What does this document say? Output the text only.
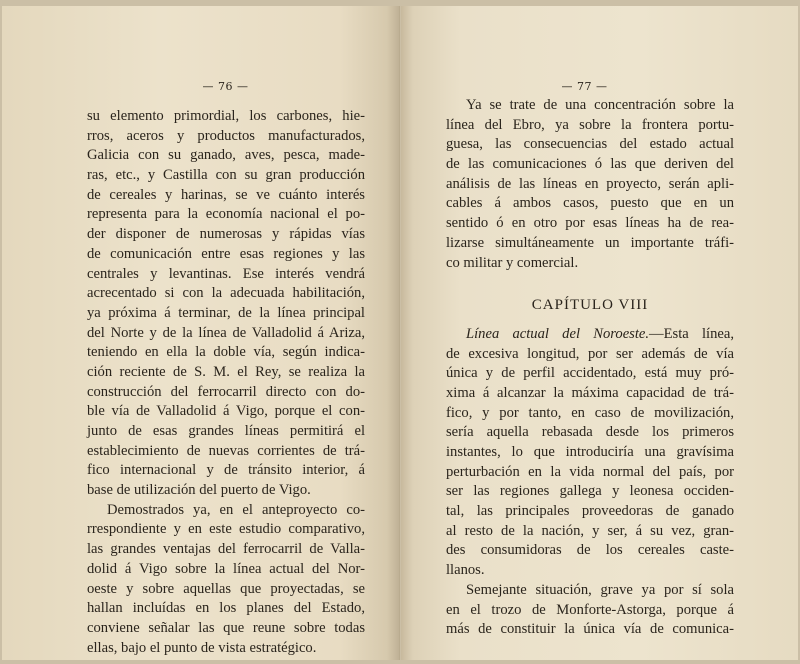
— 76 —
su elemento primordial, los carbones, hie-
rros, aceros y productos manufacturados,
Galicia con su ganado, aves, pesca, made-
ras, etc., y Castilla con su gran producción
de cereales y harinas, se ve cuánto interés
representa para la economía nacional el po-
der disponer de numerosas y rápidas vías
de comunicación entre esas regiones y las
centrales y levantinas. Ese interés vendrá
acrecentado si con la adecuada habilitación,
ya próxima á terminar, de la línea principal
del Norte y de la línea de Valladolid á Ariza,
teniendo en ella la doble vía, según indica-
ción reciente de S. M. el Rey, se realiza la
construcción del ferrocarril directo con do-
ble vía de Valladolid á Vigo, porque el con-
junto de esas grandes líneas permitirá el
establecimiento de nuevas corrientes de trá-
fico internacional y de tránsito interior, á
base de utilización del puerto de Vigo.
Demostrados ya, en el anteproyecto co-
rrespondiente y en este estudio comparativo,
las grandes ventajas del ferrocarril de Valla-
dolid á Vigo sobre la línea actual del Nor-
oeste y sobre aquellas que proyectadas, se
hallan incluídas en los planes del Estado,
conviene señalar las que reune sobre todas
ellas, bajo el punto de vista estratégico.
— 77 —
Ya se trate de una concentración sobre la
línea del Ebro, ya sobre la frontera portu-
guesa, las consecuencias del estado actual
de las comunicaciones ó las que deriven del
análisis de las líneas en proyecto, serán apli-
cables á ambos casos, puesto que en un
sentido ó en otro por esas líneas ha de rea-
lizarse simultáneamente un importante tráfi-
co militar y comercial.
CAPÍTULO VIII
Línea actual del Noroeste.—Esta línea,
de excesiva longitud, por ser además de vía
única y de perfil accidentado, está muy pró-
xima á alcanzar la máxima capacidad de trá-
fico, y por tanto, en caso de movilización,
sería aquella rebasada desde los primeros
instantes, lo que introduciría una gravísima
perturbación en la vida normal del país, por
ser las regiones gallega y leonesa occiden-
tal, las principales proveedoras de ganado
al resto de la nación, y ser, á su vez, gran-
des consumidoras de los cereales caste-
llanos.
Semejante situación, grave ya por sí sola
en el trozo de Monforte-Astorga, porque á
más de constituir la única vía de comunica-
